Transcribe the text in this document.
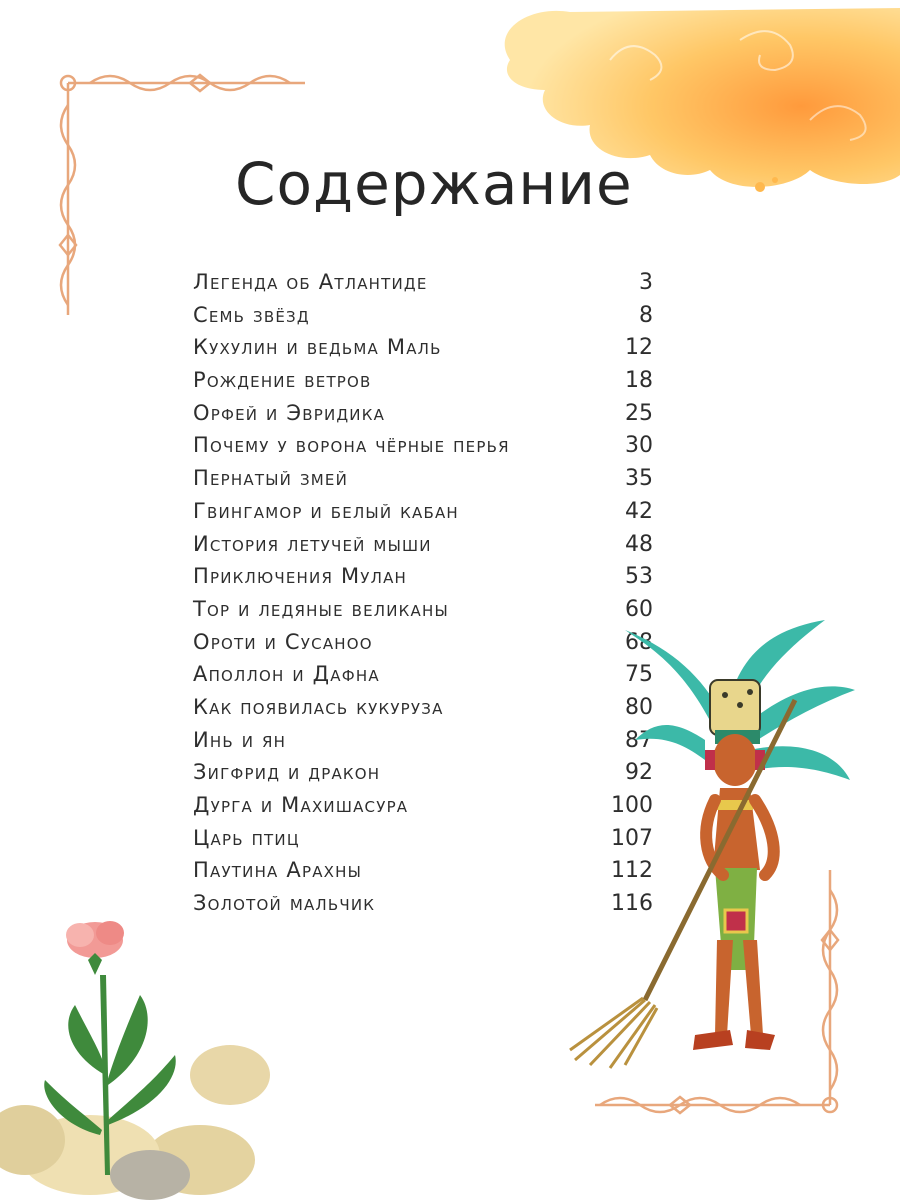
Содержание
Легенда об Атлантиде	3
Семь звёзд	8
Кухулин и ведьма Маль	12
Рождение ветров	18
Орфей и Эвридика	25
Почему у ворона чёрные перья	30
Пернатый змей	35
Гвингамор и белый кабан	42
История летучей мыши	48
Приключения Мулан	53
Тор и ледяные великаны	60
Ороти и Сусаноо	68
Аполлон и Дафна	75
Как появилась кукуруза	80
Инь и ян	87
Зигфрид и дракон	92
Дурга и Махишасура	100
Царь птиц	107
Паутина Арахны	112
Золотой мальчик	116
